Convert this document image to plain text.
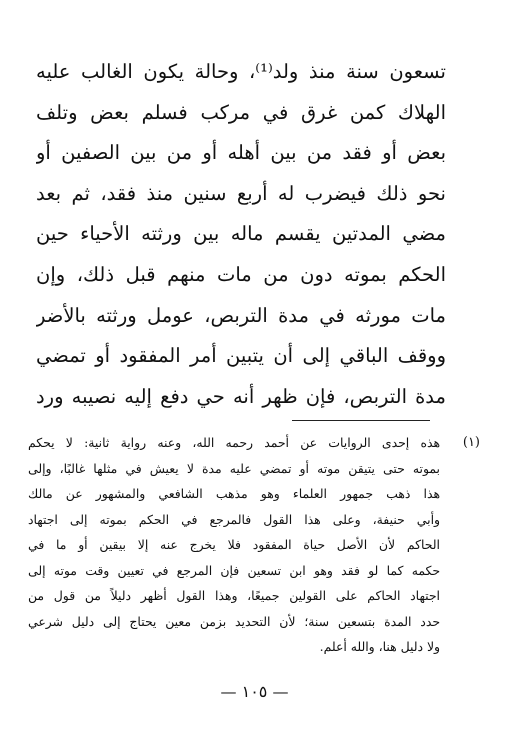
تسعون سنة منذ ولد⁽¹⁾، وحالة يكون الغالب عليه
الهلاك كمن غرق في مركب فسلم بعض وتلف
بعض أو فقد من بين أهله أو من بين الصفين أو
نحو ذلك فيضرب له أربع سنين منذ فقد، ثم بعد
مضي المدتين يقسم ماله بين ورثته الأحياء حين
الحكم بموته دون من مات منهم قبل ذلك، وإن
مات مورثه في مدة التربص، عومل ورثته بالأضر
ووقف الباقي إلى أن يتبين أمر المفقود أو تمضي
مدة التربص، فإن ظهر أنه حي دفع إليه نصيبه ورد
(١)
هذه إحدى الروايات عن أحمد رحمه الله، وعنه رواية ثانية: لا يحكم
بموته حتى يتيقن موته أو تمضي عليه مدة لا يعيش في مثلها غالبًا، وإلى
هذا ذهب جمهور العلماء وهو مذهب الشافعي والمشهور عن مالك
وأبي حنيفة، وعلى هذا القول فالمرجع في الحكم بموته إلى اجتهاد
الحاكم لأن الأصل حياة المفقود فلا يخرج عنه إلا بيقين أو ما في
حكمه كما لو فقد وهو ابن تسعين فإن المرجع في تعيين وقت موته إلى
اجتهاد الحاكم على القولين جميعًا، وهذا القول أظهر دليلاً من قول من
حدد المدة بتسعين سنة؛ لأن التحديد بزمن معين يحتاج إلى دليل شرعي
ولا دليل هنا، والله أعلم.
— ١٠٥ —
